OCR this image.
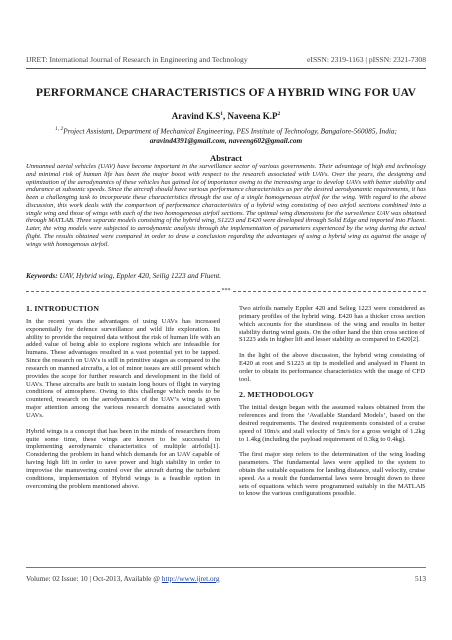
IJRET: International Journal of Research in Engineering and Technology	eISSN: 2319-1163 | pISSN: 2321-7308
PERFORMANCE CHARACTERISTICS OF A HYBRID WING FOR UAV
Aravind $K.S^1$, Naveena $K.P^2$
$^{1, 2}$Project Assistant, Department of Mechanical Engineering, PES Institute of Technology, Bangalore-560085, India;
aravind4391@gmail.com, naveeng602@gmail.com
Abstract
Unmanned aerial vehicles (UAV) have become important in the surveillance sector of various governments. Their advantage of high end technology and minimal risk of human life has been the major boost with respect to the research associated with UAVs. Over the years, the designing and optimization of the aerodynamics of these vehicles has gained lot of importance owing to the increasing urge to develop UAVs with better stability and endurance at subsonic speeds. Since the aircraft should have various performance characteristics as per the desired aerodyanamic requirements, it has been a challenging task to incorporate these characteristics through the use of a single homogeneous airfoil for the wing. With regard to the above discussion, this work deals with the comparison of performance characteristics of a hybrid wing consisting of two airfoil sections combined into a single wing and those of wings with each of the two homogeneous airfoil sections. The optimal wing dimensions for the surveilence UAV was obtained through MATLAB. Three separate models consisting of the hybrid wing, S1223 and E420 were developed through Solid Edge and imported into Fluent. Later, the wing models were subjected to aerodynamic analysis through the implementation of parameters experienced by the wing during the actual flight. The results obtained were compared in order to draw a conclusion regarding the advantages of using a hybrid wing as against the usage of wings with homogenous airfoil.
Keywords: UAV, Hybrid wing, Eppler 420, Seilig 1223 and Fluent.
***
1. INTRODUCTION

In the recent years the advantages of using UAVs has increased exponentially for defence surveillance and wild life exploration. Its ability to provide the required data without the risk of human life with an added value of being able to explore regions which are infeasible for humans. These advantages resulted in a vast potential yet to be tapped. Since the research on UAVs is still in primitive stages as compared to the research on manned aircrafts, a lot of minor issues are still present which provides the scope for further research and development in the field of UAVs. These aircrafts are built to sustain long hours of flight in varying conditions of atmosphere. Owing to this challenge which needs to be countered, research on the aerodynamics of the UAV’s wing is given major attention among the various research domains associated with UAVs.

Hybrid wings is a concept that has been in the minds of researchers from quite some time, these wings are known to be successful in implementing aerodynamic characteristics of multiple airfoils[1]. Considering the problem in hand which demands for an UAV capable of having high lift in order to save power and high stability in order to improvise the manuvering control over the aircraft during the turbulent conditions, implementaion of Hybrid wings is a feasible option in overcoming the problem mentioned above.

Two airfoils namely Eppler 420 and Selieg 1223 were considered as primary profiles of the hybrid wing. E420 has a thicker cross section which accounts for the sturdiness of the wing and results in better stability during wind gusts. On the other hand the thin cross section of S1223 aids in higher lift and lesser stability as compared to E420[2].

In the light of the above discussion, the hybrid wing consisting of E420 at root and S1223 at tip is modelled and analysed in Fluent in order to obtain its performance characteristics with the usage of CFD tool.

2. METHODOLOGY

The initial design began with the assumed values obtained from the references and from the ‘Available Standard Models’, based on the desired requirements. The desired requirements consisted of a cruise speed of 10m/s and stall velocity of 5m/s for a gross weight of 1.2kg to 1.4kg (including the payload requirement of 0.3kg to 0.4kg).

The first major step refers to the determination of the wing loading parameters. The fundamental laws were applied to the system to obtain the suitable equations for landing distance, stall velocity, cruise speed. As a result the fundamental laws were brought down to three sets of equations which were programmed suitably in the MATLAB to know the various configurations possible.

Volume: 02 Issue: 10 | Oct-2013, Available @ http://www.ijret.org	513
